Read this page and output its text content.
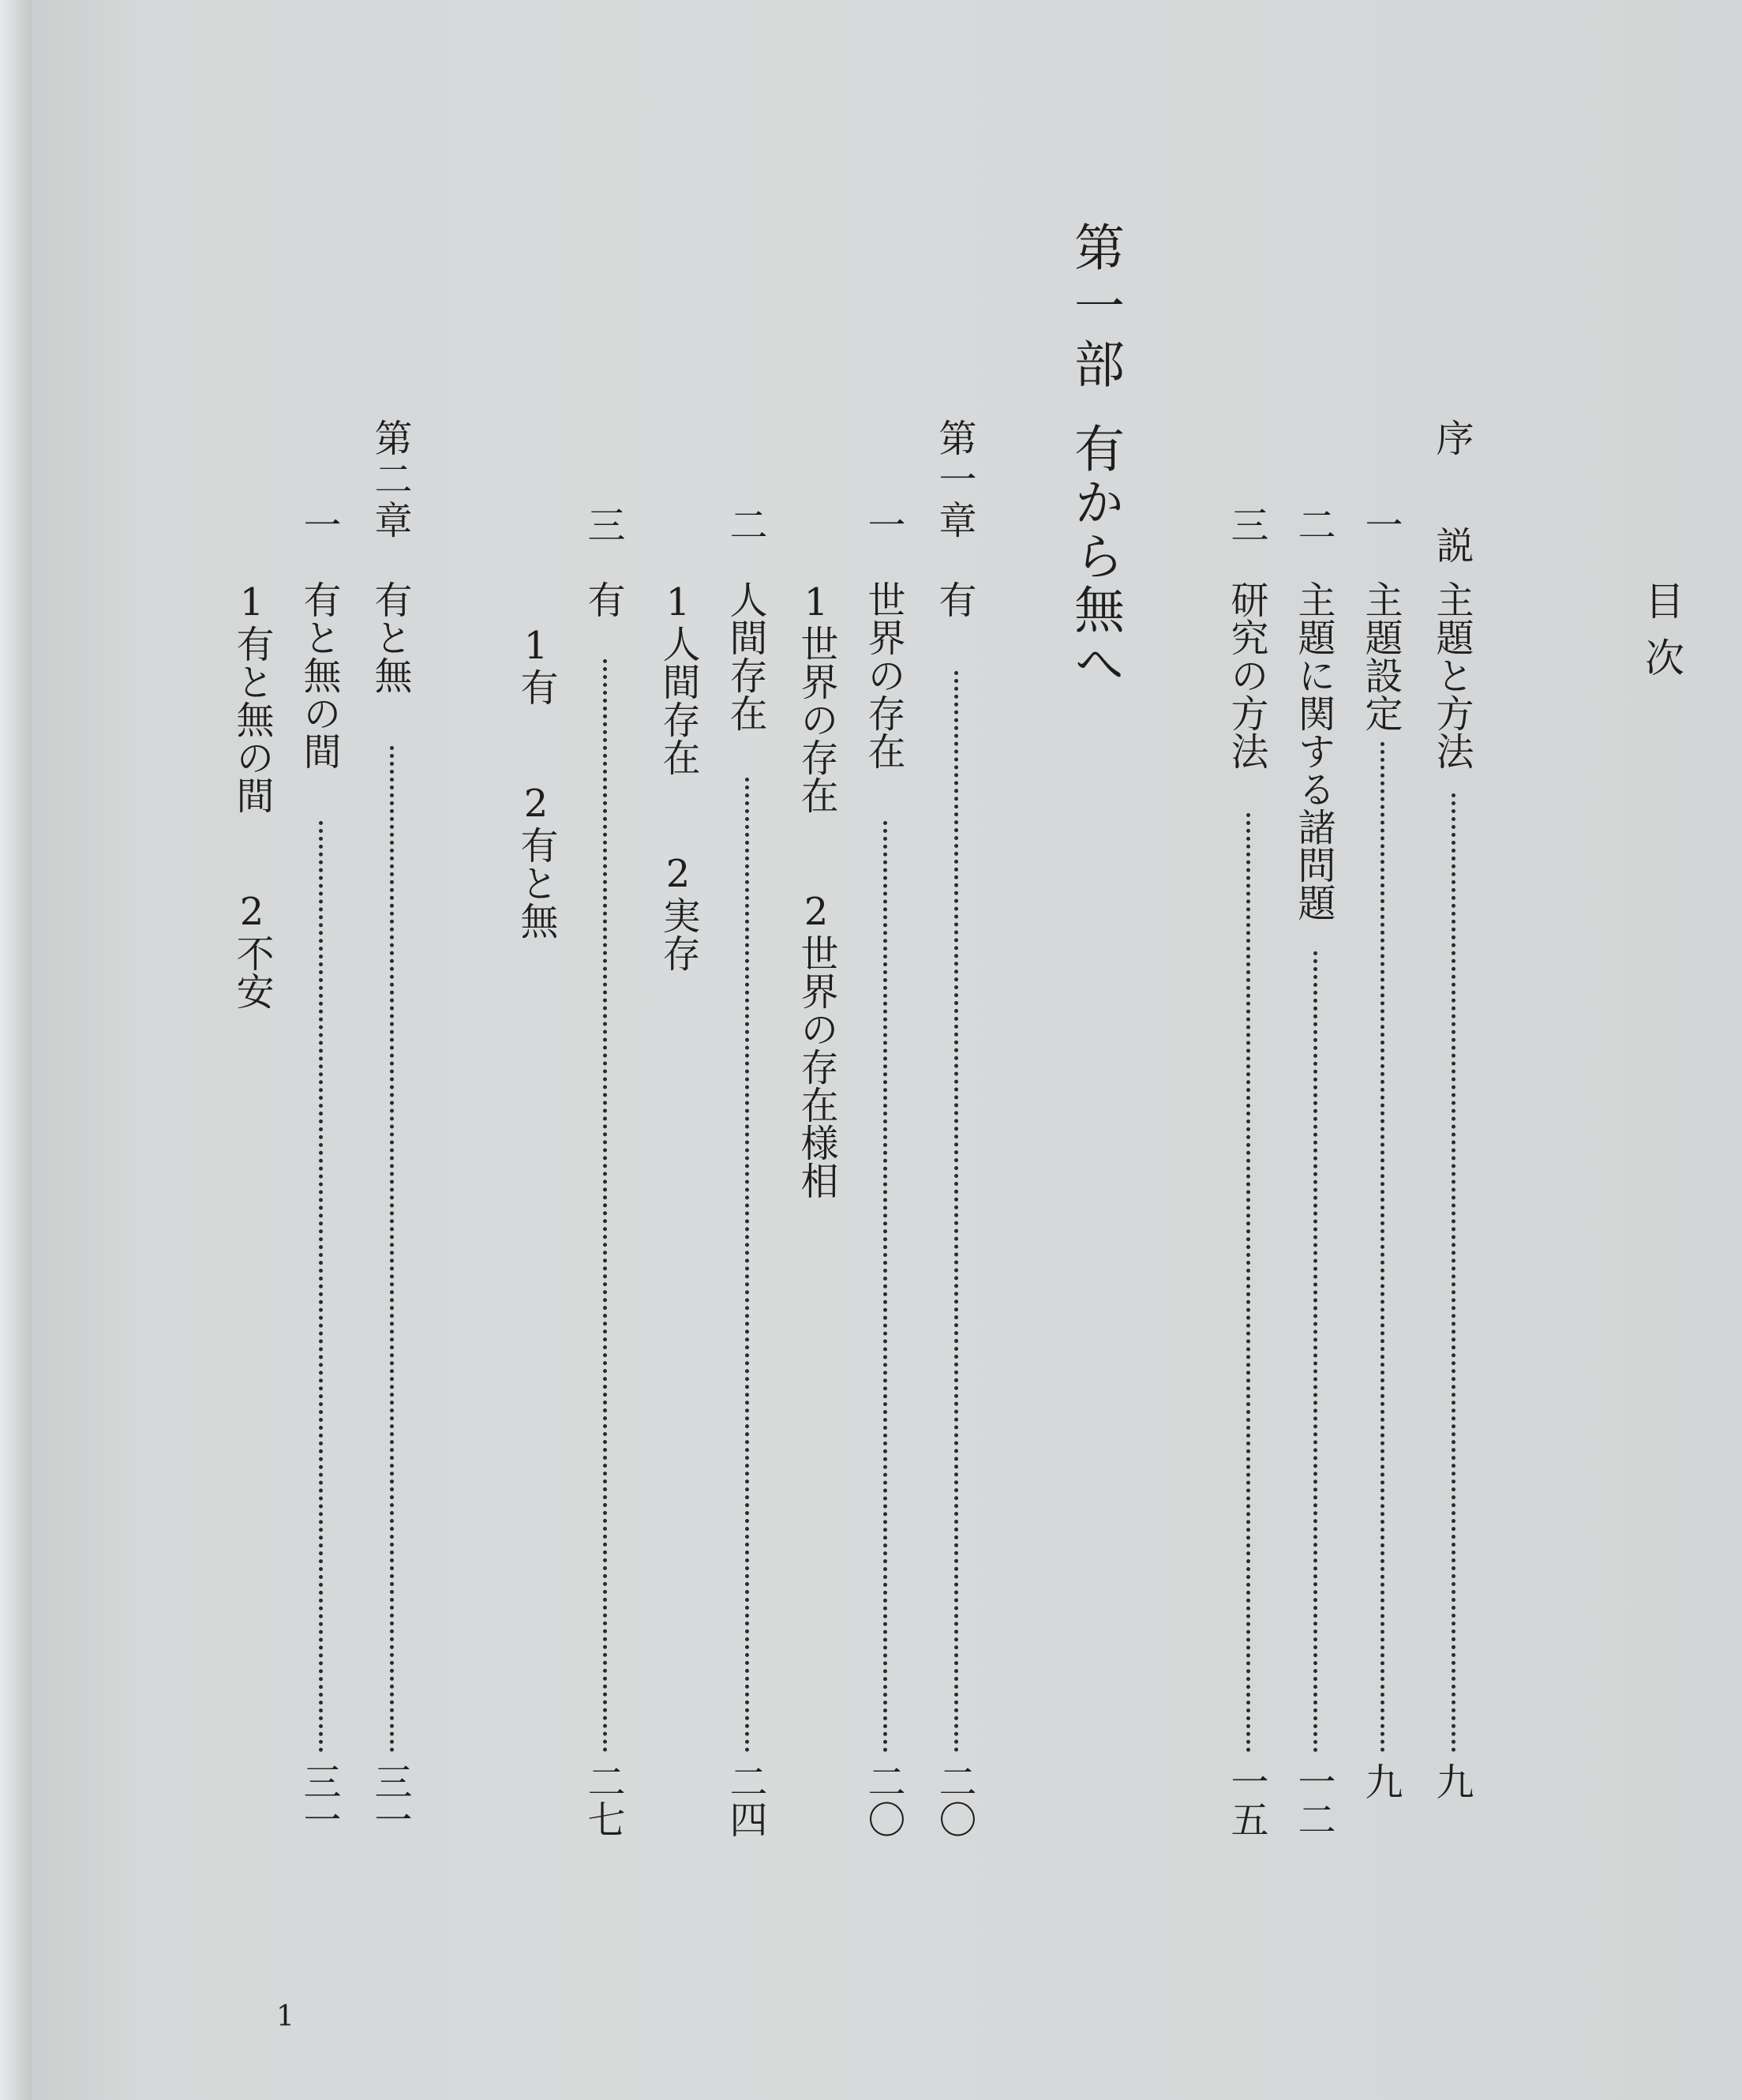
目次
序　説
主題と方法
九
一
主題設定
九
二
主題に関する諸問題
一二
三
研究の方法
一五
第一部
有から無へ
第一章
有
二〇
一
世界の存在
二〇
1世界の存在　　2世界の存在様相
二
人間存在
二四
1人間存在　　2実存
三
有
二七
1有　　2有と無
第二章
有と無
三一
一
有と無の間
三一
1有と無の間　　2不安
1
